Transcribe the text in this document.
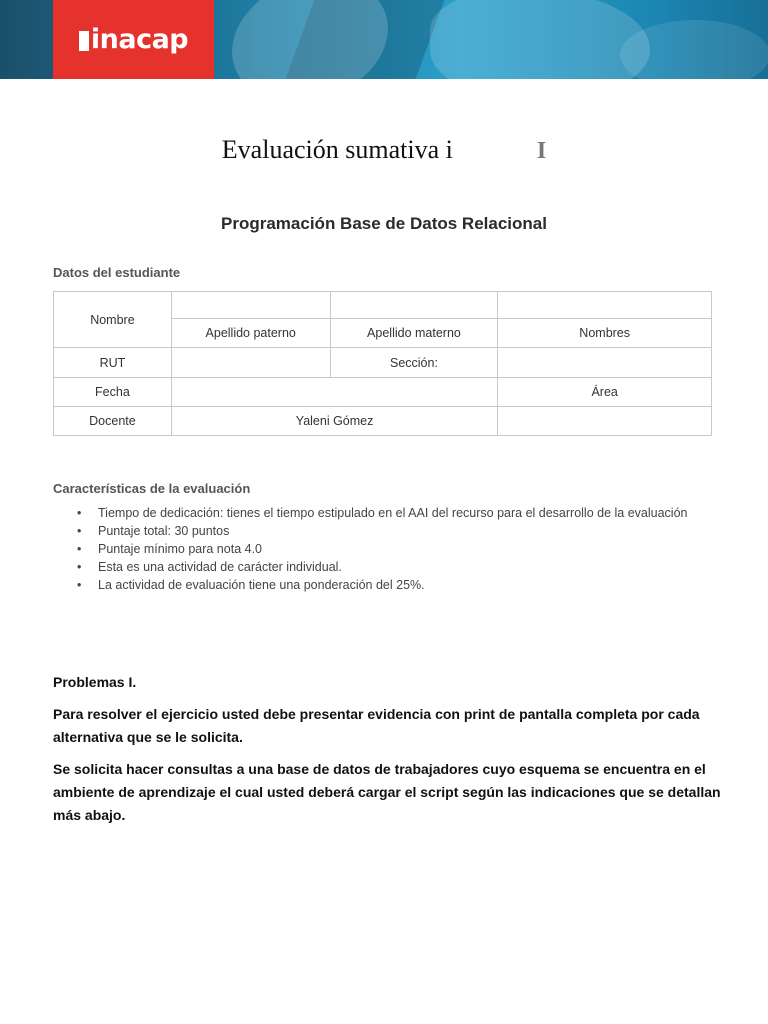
inacap
Evaluación sumativa i	I
Programación Base de Datos Relacional
Datos del estudiante
Nombre			
	Apellido paterno	Apellido materno	Nombres
RUT		Sección:	
Fecha			Área
Docente	Yaleni Gómez		
Características de la evaluación
• Tiempo de dedicación: tienes el tiempo estipulado en el AAI del recurso para el desarrollo de la evaluación
• Puntaje total: 30 puntos
• Puntaje mínimo para nota 4.0
• Esta es una actividad de carácter individual.
• La actividad de evaluación tiene una ponderación del 25%.

Problemas I.

Para resolver el ejercicio usted debe presentar evidencia con print de pantalla completa por cada alternativa que se le solicita.

Se solicita hacer consultas a una base de datos de trabajadores cuyo esquema se encuentra en el ambiente de aprendizaje el cual usted deberá cargar el script según las indicaciones que se detallan más abajo.
